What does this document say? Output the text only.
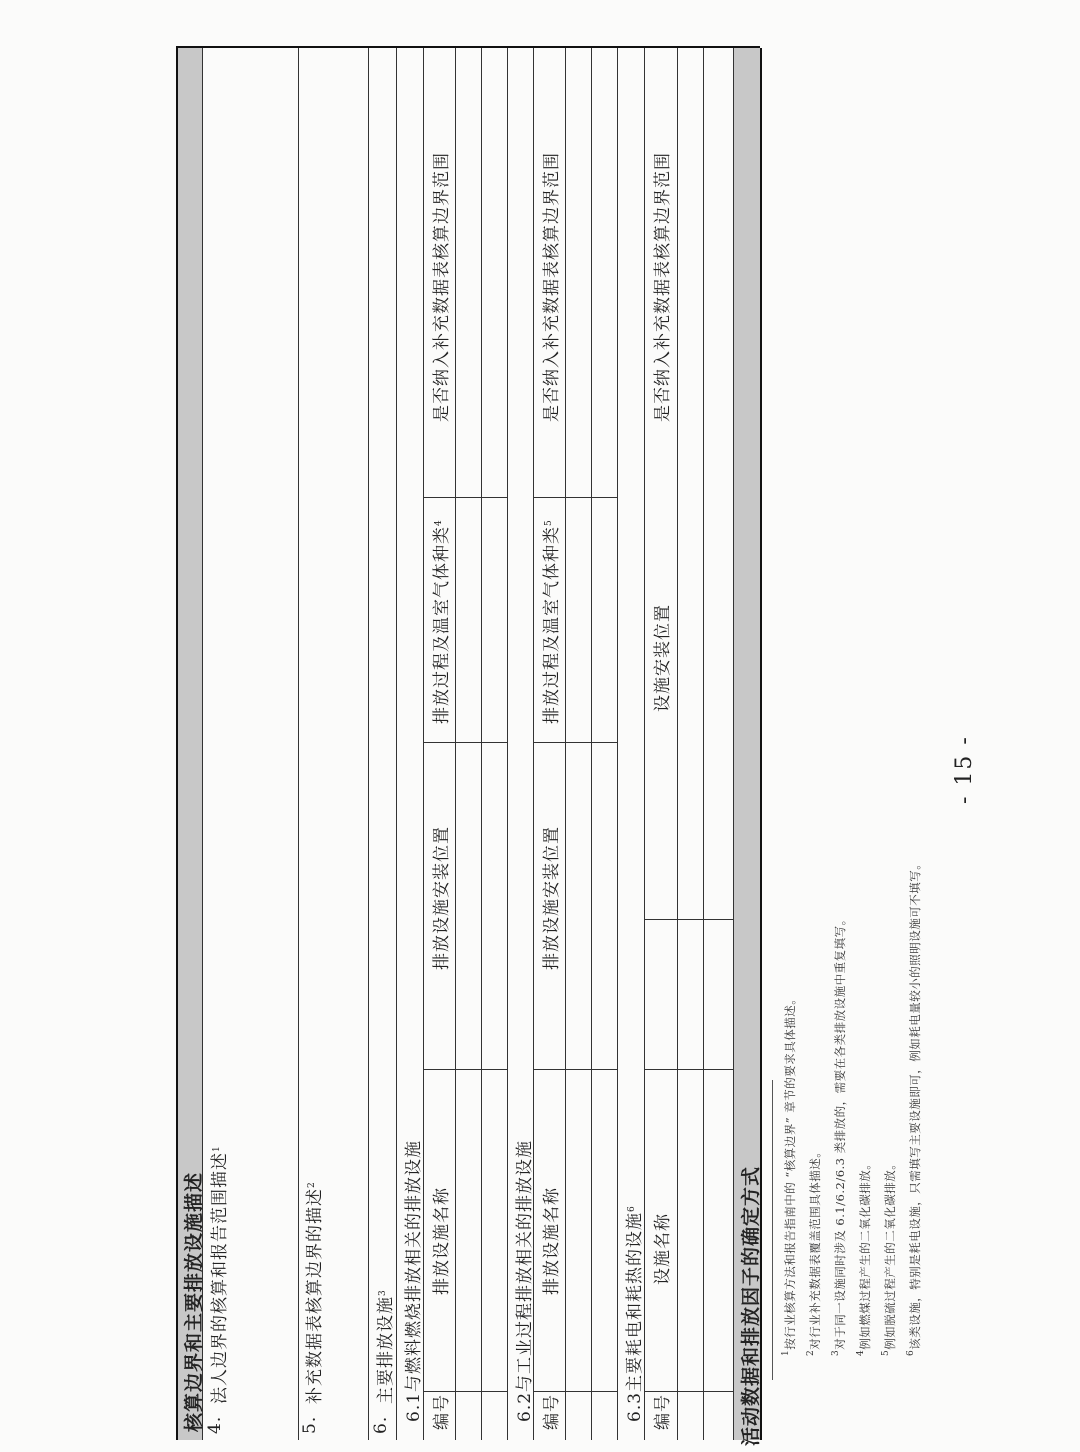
核算边界和主要排放设施描述 4.
法人边界的核算和报告范围描述$^1$
5.
补充数据表核算边界的描述$^2$
6.
主要排放设施$^3$ 6.1与燃料燃烧排放相关的排放设施 编号
排放设施名称
排放设施安装位置
排放过程及温室气体种类$^4$
是否纳入补充数据表核算边界范围
6.2与工业过程排放相关的排放设施 编号
排放设施名称
排放设施安装位置
排放过程及温室气体种类$^5$
是否纳入补充数据表核算边界范围
6.3主要耗电和耗热的设施$^6$
编号
设施名称
设施安装位置
是否纳入补充数据表核算边界范围
活动数据和排放因子的确定方式 $^1$按行业核算方法和报告指南中的 “核算边界” 章节的要求具体描述。
$^2$对行业补充数据表覆盖范围具体描述。
$^3$对于同一设施同时涉及 6.1/6.2/6.3 类排放的，需要在各类排放设施中重复填写。
$^4$例如燃煤过程产生的二氧化碳排放。
$^5$例如脱硫过程产生的二氧化碳排放。
$^6$该类设施，特别是耗电设施，只需填写主要设施即可，例如耗电量较小的照明设施可不填写。
- 15 -
